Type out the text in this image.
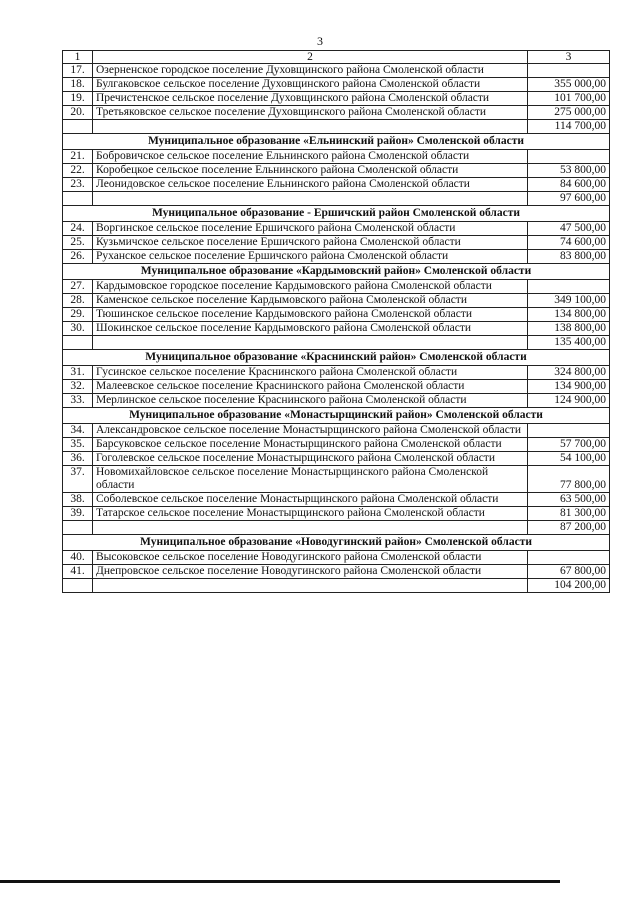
3
1	2	3
17.	Озерненское городское поселение Духовщинского района Смоленской области	
18.	Булгаковское сельское поселение Духовщинского района Смоленской области	355 000,00
19.	Пречистенское сельское поселение Духовщинского района Смоленской области	101 700,00
20.	Третьяковское сельское поселение Духовщинского района Смоленской области	275 000,00
		114 700,00
Муниципальное образование «Ельнинский район» Смоленской области		
21.	Бобровичское сельское поселение Ельнинского района Смоленской области	
22.	Коробецкое сельское поселение Ельнинского района Смоленской области	53 800,00
23.	Леонидовское сельское поселение Ельнинского района Смоленской области	84 600,00
		97 600,00
Муниципальное образование - Ершичский район Смоленской области		
24.	Воргинское сельское поселение Ершичского района Смоленской области	47 500,00
25.	Кузьмичское сельское поселение Ершичского района Смоленской области	74 600,00
26.	Руханское сельское поселение Ершичского района Смоленской области	83 800,00
Муниципальное образование «Кардымовский район» Смоленской области		
27.	Кардымовское городское поселение Кардымовского района Смоленской области	
28.	Каменское сельское поселение Кардымовского района Смоленской области	349 100,00
29.	Тюшинское сельское поселение Кардымовского района Смоленской области	134 800,00
30.	Шокинское сельское поселение Кардымовского района Смоленской области	138 800,00
		135 400,00
Муниципальное образование «Краснинский район» Смоленской области		
31.	Гусинское сельское поселение Краснинского района Смоленской области	324 800,00
32.	Малеевское сельское поселение Краснинского района Смоленской области	134 900,00
33.	Мерлинское сельское поселение Краснинского района Смоленской области	124 900,00
Муниципальное образование «Монастырщинский район» Смоленской области		
34.	Александровское сельское поселение Монастырщинского района Смоленской области	
35.	Барсуковское сельское поселение Монастырщинского района Смоленской области	57 700,00
36.	Гоголевское сельское поселение Монастырщинского района Смоленской области	54 100,00
37.	Новомихайловское сельское поселение Монастырщинского района Смоленской области	77 800,00
38.	Соболевское сельское поселение Монастырщинского района Смоленской области	63 500,00
39.	Татарское сельское поселение Монастырщинского района Смоленской области	81 300,00
		87 200,00
Муниципальное образование «Новодугинский район» Смоленской области		
40.	Высоковское сельское поселение Новодугинского района Смоленской области	
41.	Днепровское сельское поселение Новодугинского района Смоленской области	67 800,00
		104 200,00
